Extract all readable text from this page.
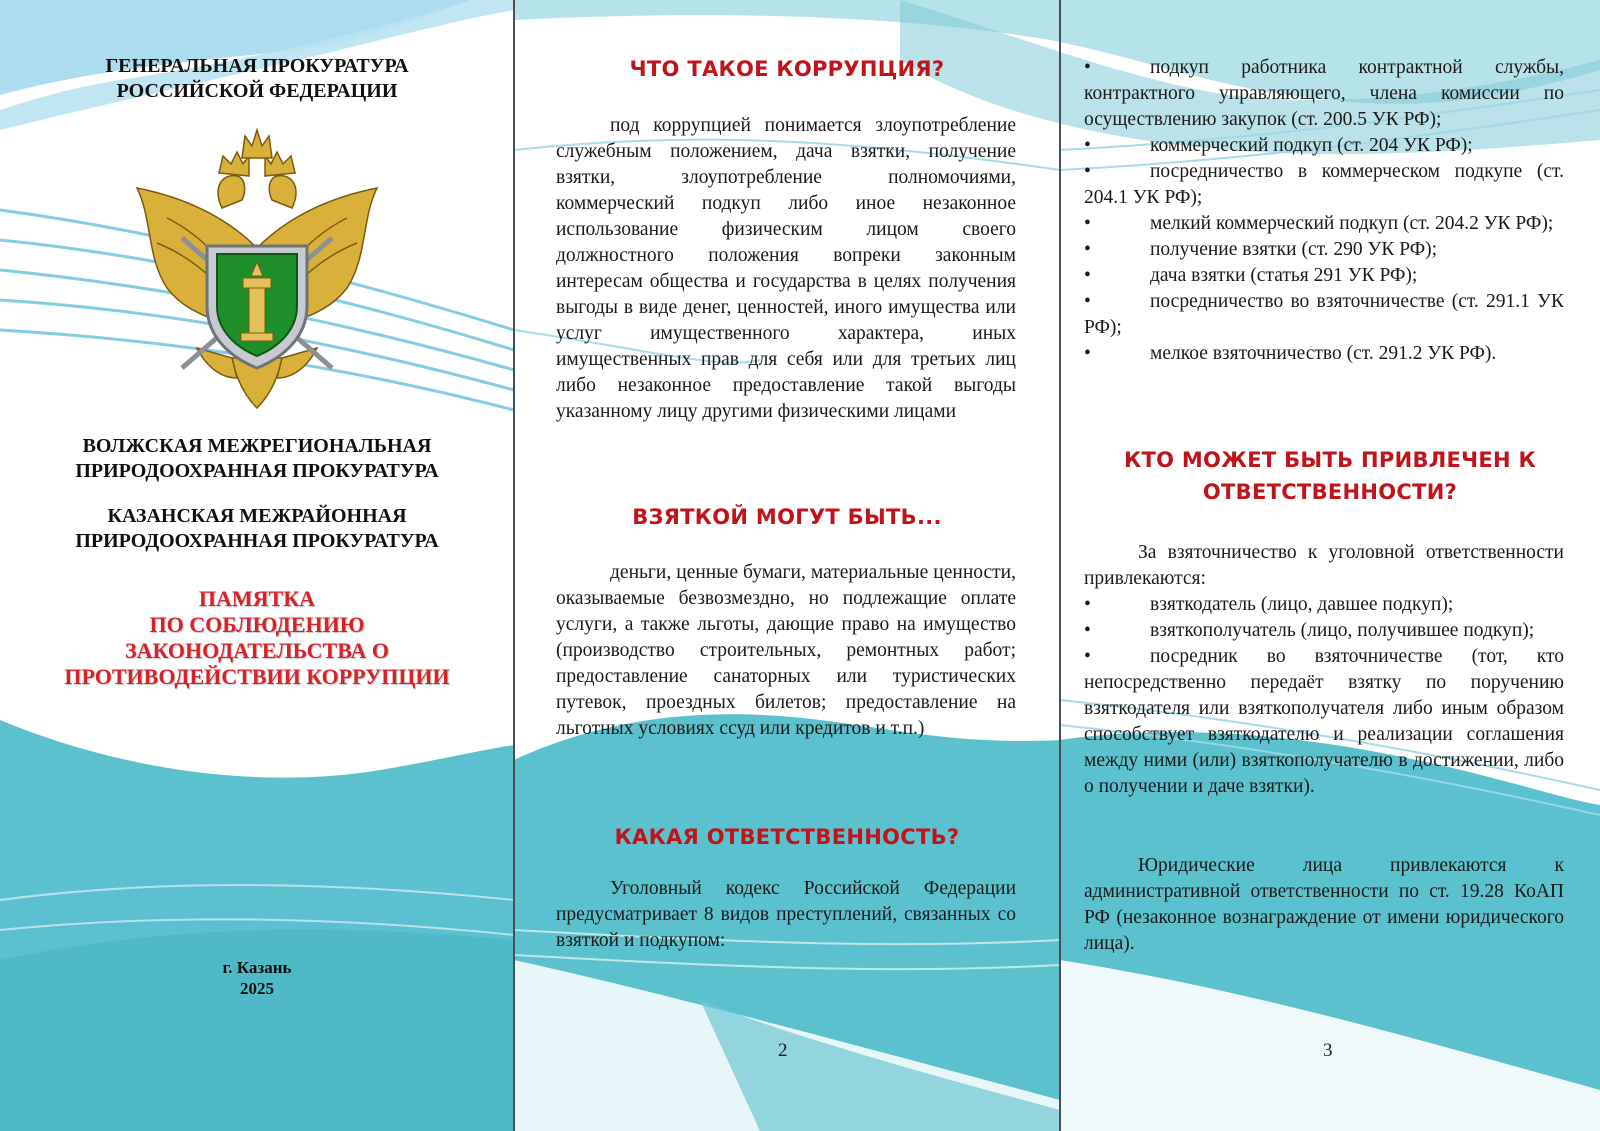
ГЕНЕРАЛЬНАЯ ПРОКУРАТУРА
РОССИЙСКОЙ ФЕДЕРАЦИИ
ВОЛЖСКАЯ МЕЖРЕГИОНАЛЬНАЯ
ПРИРОДООХРАННАЯ ПРОКУРАТУРА
КАЗАНСКАЯ МЕЖРАЙОННАЯ
ПРИРОДООХРАННАЯ ПРОКУРАТУРА
ПАМЯТКА
ПО СОБЛЮДЕНИЮ
ЗАКОНОДАТЕЛЬСТВА О
ПРОТИВОДЕЙСТВИИ КОРРУПЦИИ
г. Казань
2025
ЧТО ТАКОЕ КОРРУПЦИЯ?
под коррупцией понимается злоупотребление служебным положением, дача взятки, получение взятки, злоупотребление полномочиями, коммерческий подкуп либо иное незаконное использование физическим лицом своего должностного положения вопреки законным интересам общества и государства в целях получения выгоды в виде денег, ценностей, иного имущества или услуг имущественного характера, иных имущественных прав для себя или для третьих лиц либо незаконное предоставление такой выгоды указанному лицу другими физическими лицами
ВЗЯТКОЙ МОГУТ БЫТЬ...
деньги, ценные бумаги, материальные ценности, оказываемые безвозмездно, но подлежащие оплате услуги, а также льготы, дающие право на имущество (производство строительных, ремонтных работ; предоставление санаторных или туристических путевок, проездных билетов; предоставление на льготных условиях ссуд или кредитов и т.п.)
КАКАЯ ОТВЕТСТВЕННОСТЬ?
Уголовный кодекс Российской Федерации предусматривает 8 видов преступлений, связанных со взяткой и подкупом:
2
•	подкуп работника контрактной службы, контрактного управляющего, члена комиссии по осуществлению закупок (ст. 200.5 УК РФ);
•	коммерческий подкуп (ст. 204 УК РФ);
•	посредничество в коммерческом подкупе (ст. 204.1 УК РФ);
•	мелкий коммерческий подкуп (ст. 204.2 УК РФ);
•	получение взятки (ст. 290 УК РФ);
•	дача взятки (статья 291 УК РФ);
•	посредничество во взяточничестве (ст. 291.1 УК РФ);
•	мелкое взяточничество (ст. 291.2 УК РФ).
КТО МОЖЕТ БЫТЬ ПРИВЛЕЧЕН К
ОТВЕТСТВЕННОСТИ?
За взяточничество к уголовной ответственности привлекаются:
•	взяткодатель (лицо, давшее подкуп);
•	взяткополучатель (лицо, получившее подкуп);
•	посредник во взяточничестве (тот, кто непосредственно передаёт взятку по поручению взяткодателя или взяткополучателя либо иным образом способствует взяткодателю и реализации соглашения между ними (или) взяткополучателю в достижении, либо о получении и даче взятки).
Юридические лица привлекаются к административной ответственности по ст. 19.28 КоАП РФ (незаконное вознаграждение от имени юридического лица).
3
